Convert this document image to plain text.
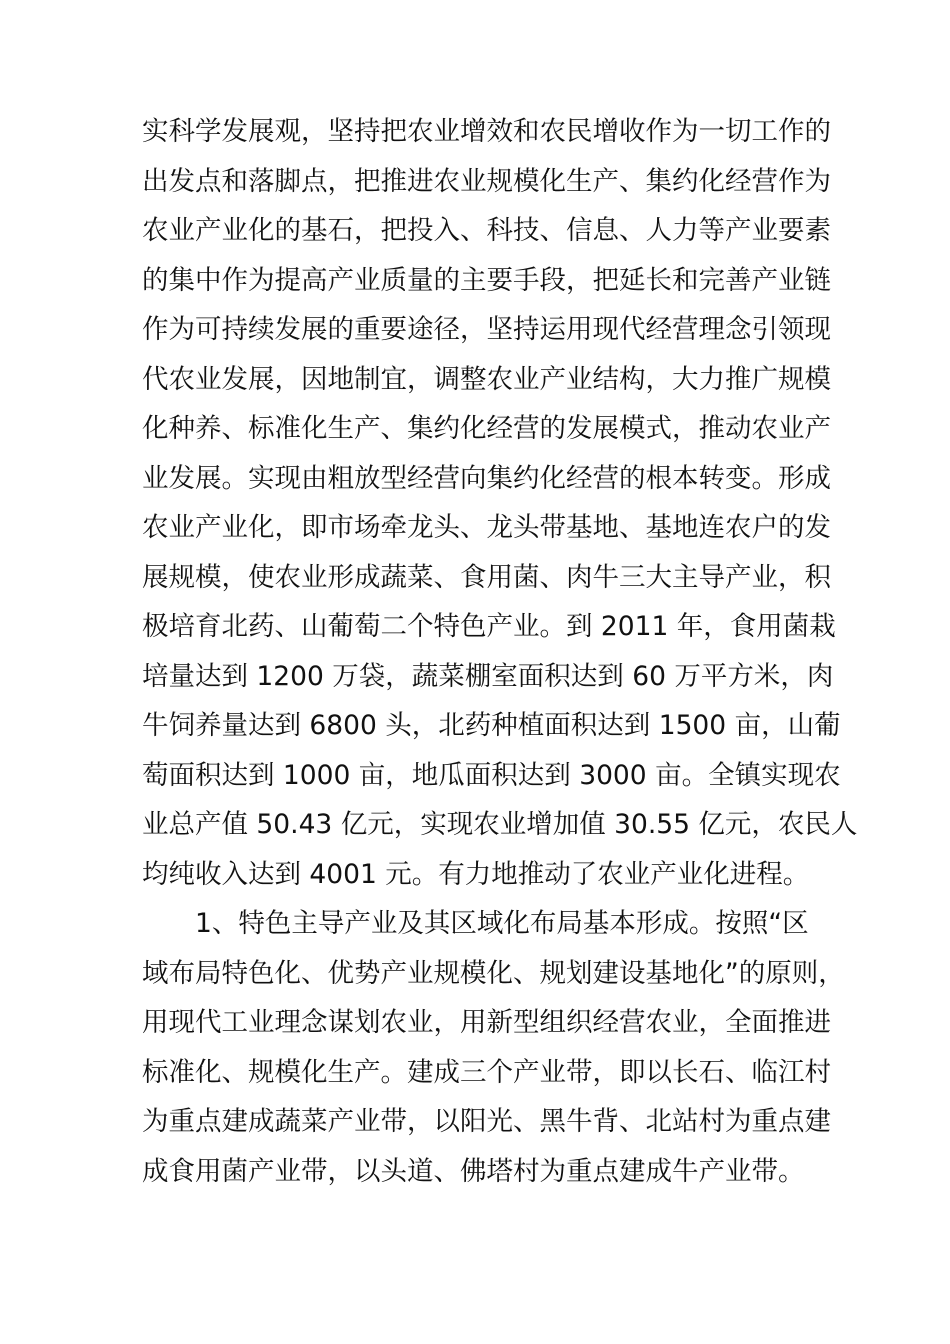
实科学发展观，坚持把农业增效和农民增收作为一切工作的
出发点和落脚点，把推进农业规模化生产、集约化经营作为
农业产业化的基石，把投入、科技、信息、人力等产业要素
的集中作为提高产业质量的主要手段，把延长和完善产业链
作为可持续发展的重要途径，坚持运用现代经营理念引领现
代农业发展，因地制宜，调整农业产业结构，大力推广规模
化种养、标准化生产、集约化经营的发展模式，推动农业产
业发展。实现由粗放型经营向集约化经营的根本转变。形成
农业产业化，即市场牵龙头、龙头带基地、基地连农户的发
展规模，使农业形成蔬菜、食用菌、肉牛三大主导产业，积
极培育北药、山葡萄二个特色产业。到 2011 年，食用菌栽
培量达到 1200 万袋，蔬菜棚室面积达到 60 万平方米，肉
牛饲养量达到 6800 头，北药种植面积达到 1500 亩，山葡
萄面积达到 1000 亩，地瓜面积达到 3000 亩。全镇实现农
业总产值 50.43 亿元，实现农业增加值 30.55 亿元，农民人
均纯收入达到 4001 元。有力地推动了农业产业化进程。
　　1、特色主导产业及其区域化布局基本形成。按照“区
域布局特色化、优势产业规模化、规划建设基地化”的原则，
用现代工业理念谋划农业，用新型组织经营农业，全面推进
标准化、规模化生产。建成三个产业带，即以长石、临江村
为重点建成蔬菜产业带，以阳光、黑牛背、北站村为重点建
成食用菌产业带，以头道、佛塔村为重点建成牛产业带。
